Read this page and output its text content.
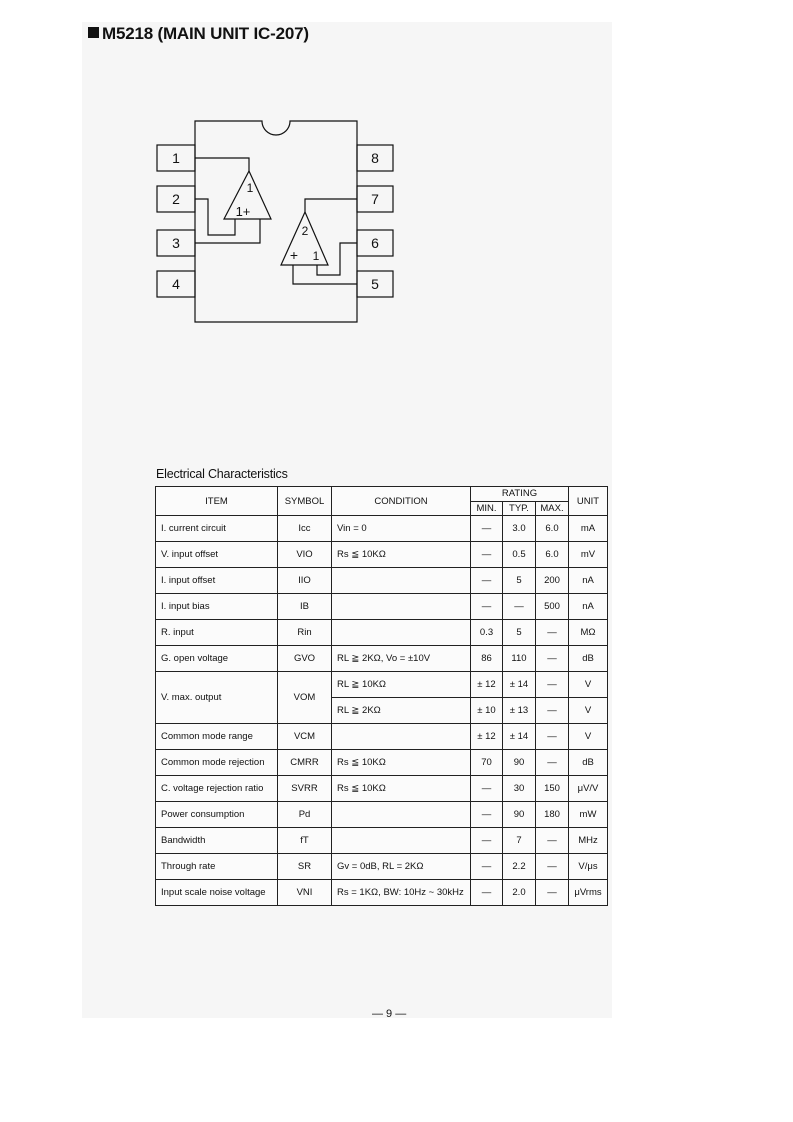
M5218 (MAIN UNIT IC-207)
1
2
3
4
8
7
6
5
1
1+
2
+ 1
Electrical Characteristics
ITEM	SYMBOL	CONDITION	RATING			UNIT
			MIN.	TYP.	MAX.	
I. current circuit	Icc	Vin = 0	—	3.0	6.0	mA
V. input offset	VIO	Rs ≦ 10KΩ	—	0.5	6.0	mV
I. input offset	IIO		—	5	200	nA
I. input bias	IB		—	—	500	nA
R. input	Rin		0.3	5	—	MΩ
G. open voltage	GVO	RL ≧ 2KΩ, Vo = ±10V	86	110	—	dB
V. max. output	VOM	RL ≧ 10KΩ	± 12	± 14	—	V
		RL ≧ 2KΩ	± 10	± 13	—	V
Common mode range	VCM		± 12	± 14	—	V
Common mode rejection	CMRR	Rs ≦ 10KΩ	70	90	—	dB
C. voltage rejection ratio	SVRR	Rs ≦ 10KΩ	—	30	150	μV/V
Power consumption	Pd		—	90	180	mW
Bandwidth	fT		—	7	—	MHz
Through rate	SR	Gv = 0dB, RL = 2KΩ	—	2.2	—	V/μs
Input scale noise voltage	VNI	Rs = 1KΩ, BW: 10Hz ~ 30kHz	—	2.0	—	μVrms
— 9 —
